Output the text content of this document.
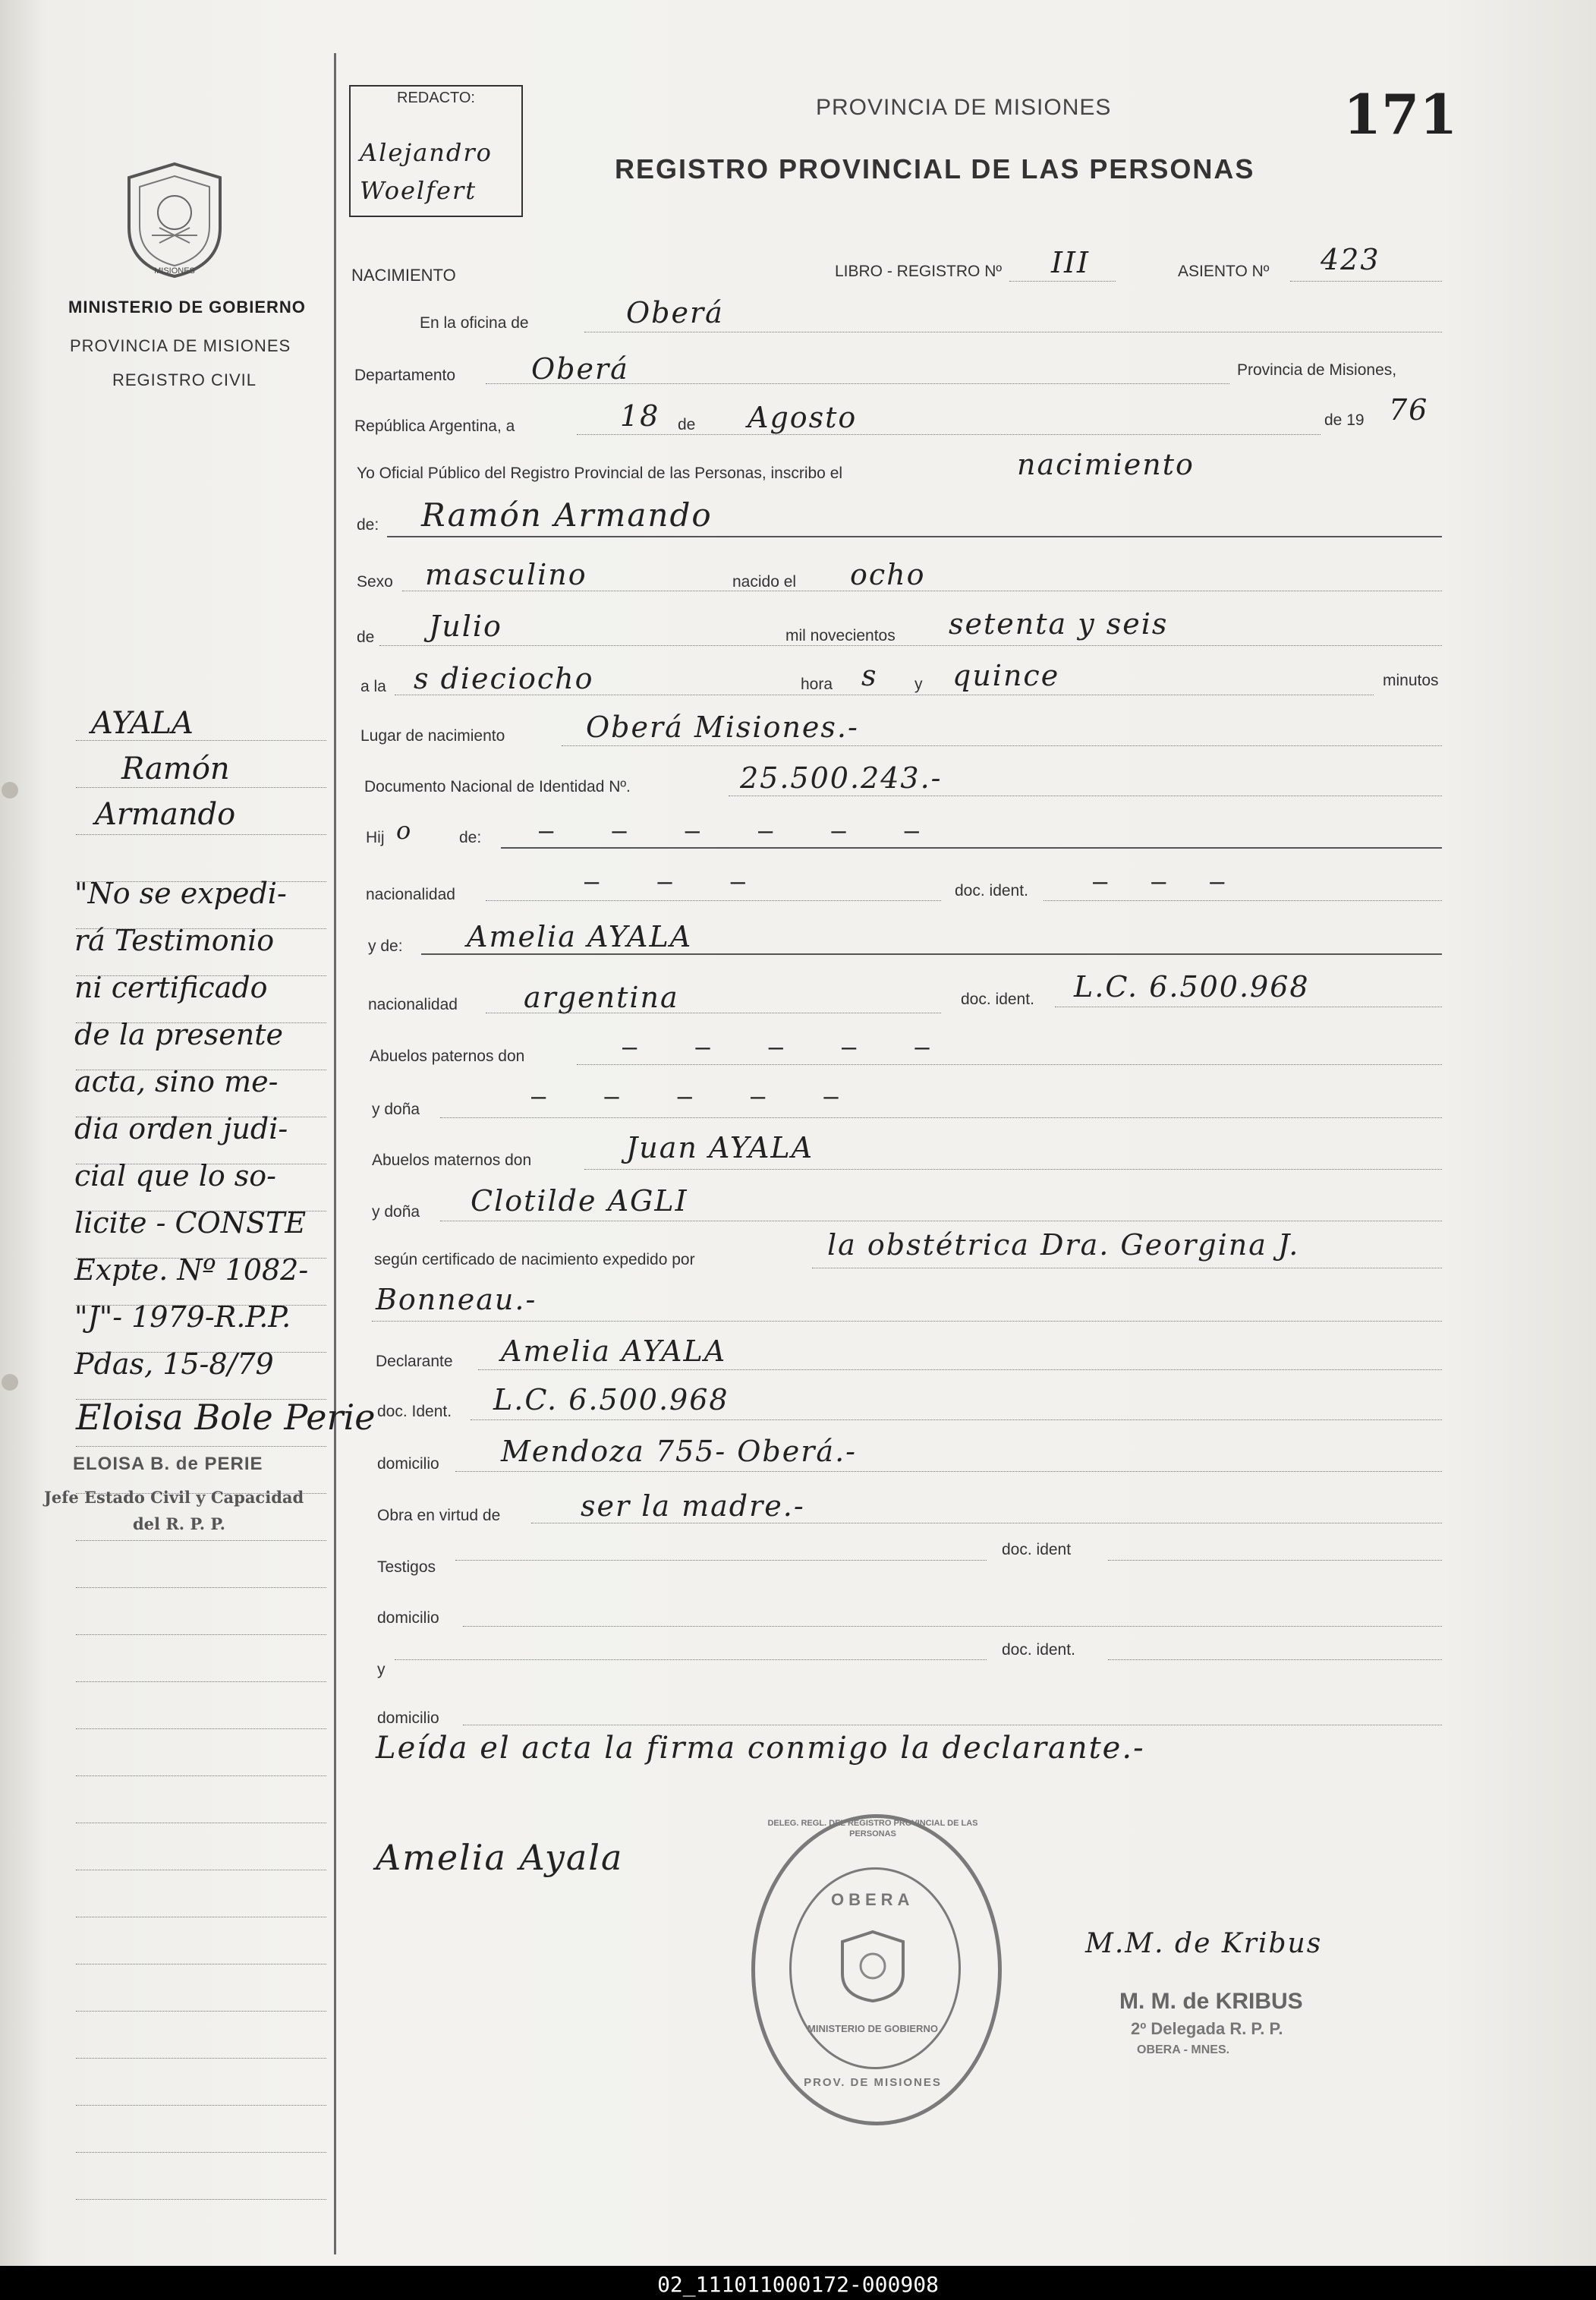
REDACTO:
Alejandro
Woelfert
171
MISIONES
MINISTERIO DE GOBIERNO
PROVINCIA DE MISIONES
REGISTRO CIVIL
PROVINCIA DE MISIONES
REGISTRO PROVINCIAL DE LAS PERSONAS
AYALA
Ramón
Armando
"No se expedi-
rá Testimonio
ni certificado
de la presente
acta, sino me-
dia orden judi-
cial que lo so-
licite - CONSTE
Expte. Nº 1082-
"J"- 1979-R.P.P.
Pdas, 15-8/79
Eloisa Bole Perie
ELOISA B. de PERIE
Jefe Estado Civil y Capacidad
del R. P. P.
NACIMIENTO	LIBRO - REGISTRO Nº III	ASIENTO Nº 423
En la oficina de	Oberá
Departamento	Oberá	Provincia de Misiones,
República Argentina, a	18 de Agosto	de 19 76
Yo Oficial Público del Registro Provincial de las Personas, inscribo el	nacimiento
de: Ramón Armando
Sexo masculino	nacido el ocho
de Julio	mil novecientos setenta y seis
a la s dieciocho	hora s y quince	minutos
Lugar de nacimiento	Oberá Misiones.-
Documento Nacional de Identidad Nº.	25.500.243.-
Hij o	de: —    —    —    —    —    —
nacionalidad	—    —    —	doc. ident.	—   —   —
y de: Amelia AYALA
nacionalidad argentina	doc. ident. L.C. 6.500.968
Abuelos paternos don	—    —    —    —    —
y doña	—    —    —    —    —
Abuelos maternos don	Juan AYALA
y doña Clotilde AGLI
según certificado de nacimiento expedido por	la obstétrica Dra. Georgina J.
Bonneau.-
Declarante Amelia AYALA
doc. Ident. L.C. 6.500.968
domicilio Mendoza 755- Oberá.-
Obra en virtud de	ser la madre.-
Testigos
doc. ident
domicilio
y
doc. ident.
domicilio
Leída el acta la firma conmigo la declarante.-
Amelia Ayala
DELEG. REGL. DEL REGISTRO PROVINCIAL DE LAS PERSONAS
OBERA
MINISTERIO DE GOBIERNO
PROV. DE MISIONES
M.M. de Kribus
M. M. de KRIBUS
2º Delegada R. P. P.
OBERA - MNES.
02_111011000172-000908
